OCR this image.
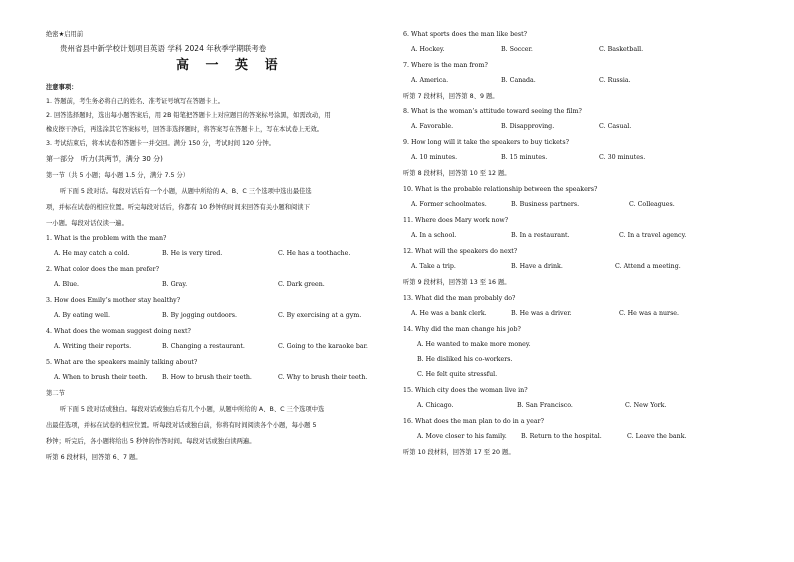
绝密★启用前
贵州省县中新学校计划项目英语 学科 2024 年秋季学期联考卷
高 一 英 语
注意事项：
1. 答题前，考生务必将自己的姓名、准考证号填写在答题卡上。
2. 回答选择题时，选出每小题答案后，用 2B 铅笔把答题卡上对应题目的答案标号涂黑，如需改动，用
橡皮擦干净后，再选涂其它答案标号，回答非选择题时，将答案写在答题卡上，写在本试卷上无效。
3. 考试结束后，将本试卷和答题卡一并交回。满分 150 分，考试时间 120 分钟。
第一部分　听力(共两节，满分 30 分)
第一节（共 5 小题；每小题 1.5 分，满分 7.5 分）
听下面 5 段对话。每段对话后有一个小题，从题中所给的 A、B、C 三个选项中选出最佳选
项，并标在试卷的相应位置。听完每段对话后，你都有 10 秒钟的时间来回答有关小题和阅读下
一小题。每段对话仅读一遍。
1. What is the problem with the man?
A. He may catch a cold.	B. He is very tired.	C. He has a toothache.
2. What color does the man prefer?
A. Blue.	B. Gray.	C. Dark green.
3. How does Emily’s mother stay healthy?
A. By eating well.	B. By jogging outdoors.	C. By exercising at a gym.
4. What does the woman suggest doing next?
A. Writing their reports.	B. Changing a restaurant.	C. Going to the karaoke bar.
5. What are the speakers mainly talking about?
A. When to brush their teeth. B. How to brush their teeth.	C. Why to brush their teeth.
第二节
听下面 5 段对话或独白。每段对话或独白后有几个小题，从题中所给的 A、B、C 三个选项中选
出最佳选项，并标在试卷的相应位置。听每段对话或独白前，你将有时间阅读各个小题，每小题 5
秒钟；听完后，各小题将给出 5 秒钟的作答时间。每段对话或独白读两遍。
听第 6 段材料，回答第 6、7 题。
6. What sports does the man like best?
A. Hockey.	B. Soccer.	C. Basketball.
7. Where is the man from?
A. America.	B. Canada.	C. Russia.
听第 7 段材料，回答第 8、9 题。
8. What is the woman’s attitude toward seeing the film?
A. Favorable.	B. Disapproving.	C. Casual.
9. How long will it take the speakers to buy tickets?
A. 10 minutes.	B. 15 minutes.	C. 30 minutes.
听第 8 段材料，回答第 10 至 12 题。
10. What is the probable relationship between the speakers?
A. Former schoolmates.	B. Business partners.	C. Colleagues.
11. Where does Mary work now?
A. In a school.	B. In a restaurant.	C. In a travel agency.
12. What will the speakers do next?
A. Take a trip.	B. Have a drink.	C. Attend a meeting.
听第 9 段材料，回答第 13 至 16 题。
13. What did the man probably do?
A. He was a bank clerk.	B. He was a driver.	C. He was a nurse.
14. Why did the man change his job?
A. He wanted to make more money.
B. He disliked his co-workers.
C. He felt quite stressful.
15. Which city does the woman live in?
A. Chicago.	B. San Francisco.	C. New York.
16. What does the man plan to do in a year?
A. Move closer to his family. B. Return to the hospital.	C. Leave the bank.
听第 10 段材料，回答第 17 至 20 题。
